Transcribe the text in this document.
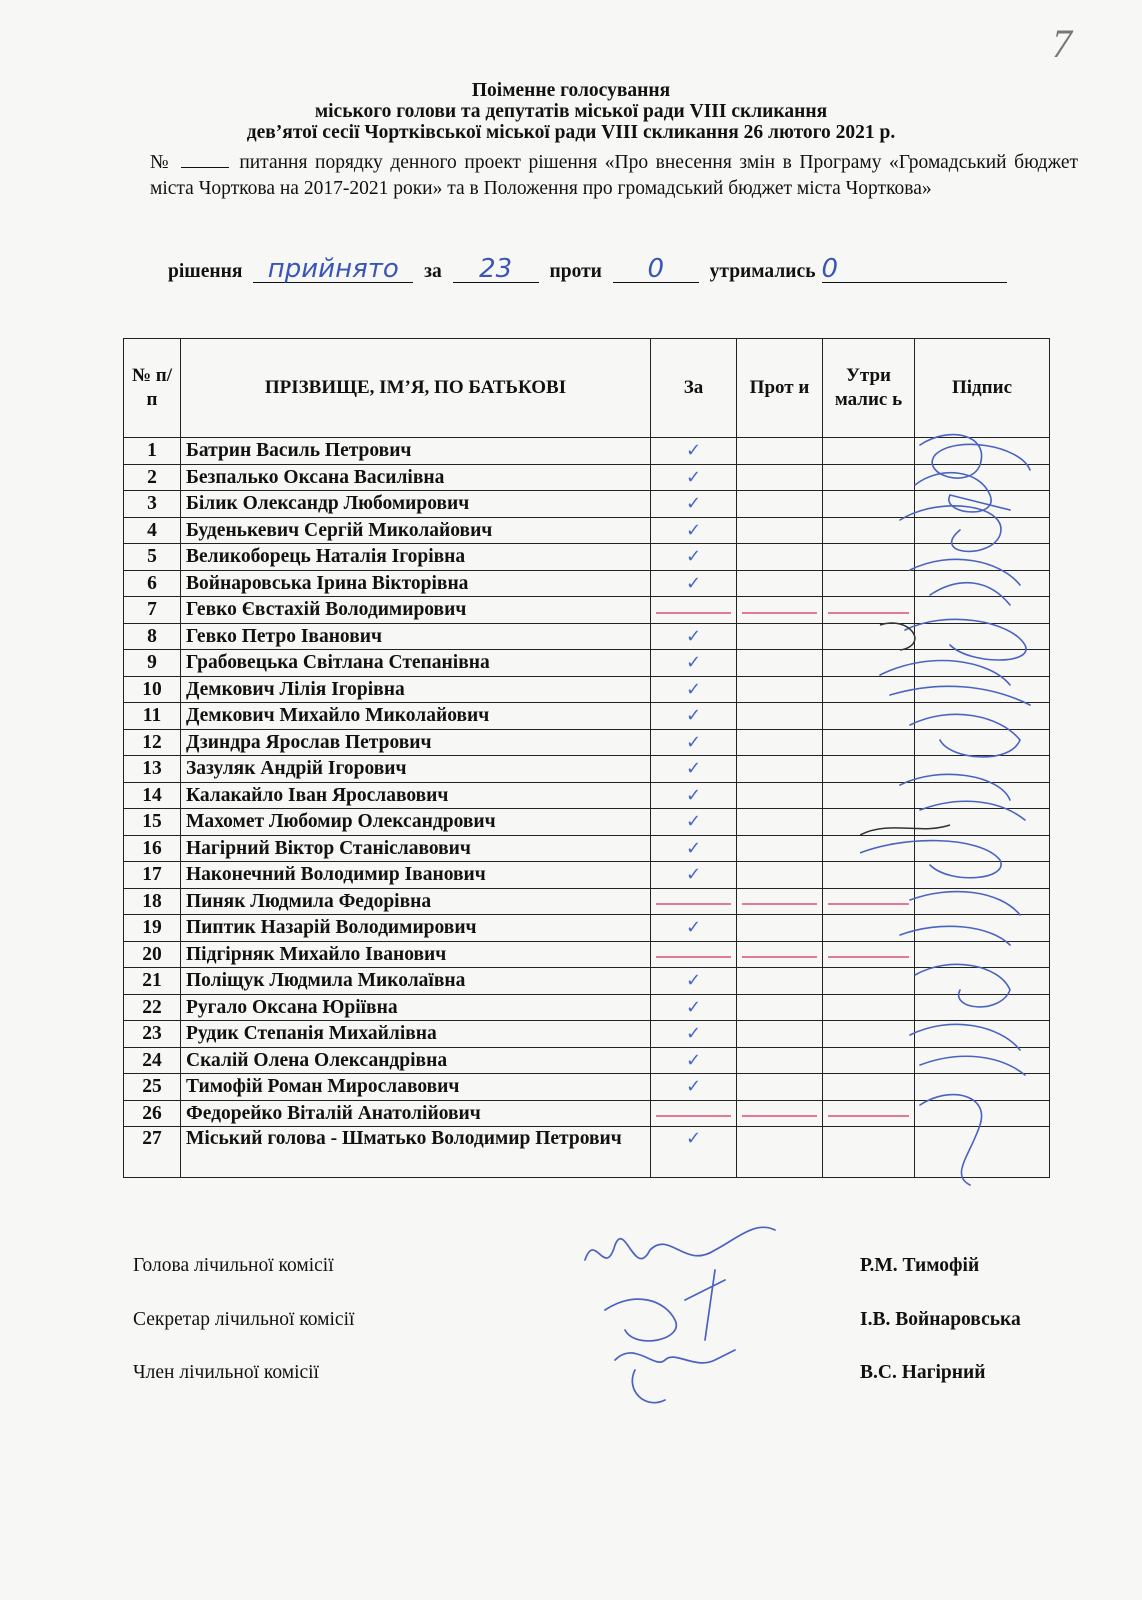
7
Поіменне голосування
міського голови та депутатів міської ради VIII скликання
дев’ятої сесії Чортківської міської ради VIII скликання 26 лютого 2021 р.
№	питання порядку денного проект рішення «Про внесення змін в Програму «Громадський бюджет міста Чорткова на 2017-2021 роки» та в Положення про громадський бюджет міста Чорткова»
рішення прийнято за 23 проти 0 утримались 0
№ п/п	ПРІЗВИЩЕ, ІМ’Я, ПО БАТЬКОВІ	За	Прот и	Утри малис ь	Підпис
1	Батрин Василь Петрович	✓			
2	Безпалько Оксана Василівна	✓			
3	Білик Олександр Любомирович	✓			
4	Буденькевич Сергій Миколайович	✓			
5	Великоборець Наталія Ігорівна	✓			
6	Войнаровська Ірина Вікторівна	✓			
7	Гевко Євстахій Володимирович	

8	Гевко Петро Іванович	✓			
9	Грабовецька Світлана Степанівна	✓			
10	Демкович Лілія Ігорівна	✓			
11	Демкович Михайло Миколайович	✓			
12	Дзиндра Ярослав Петрович	✓			
13	Зазуляк Андрій Ігорович	✓			
14	Калакайло Іван Ярославович	✓			
15	Махомет Любомир Олександрович	✓			
16	Нагірний Віктор Станіславович	✓			
17	Наконечний Володимир Іванович	✓			
18	Пиняк Людмила Федорівна	

19	Пиптик Назарій Володимирович	✓			
20	Підгірняк Михайло Іванович	

21	Поліщук Людмила Миколаївна	✓			
22	Ругало Оксана Юріївна	✓			
23	Рудик Степанія Михайлівна	✓			
24	Скалій Олена Олександрівна	✓			
25	Тимофій Роман Мирославович	✓			
26	Федорейко Віталій Анатолійович	

27	Міський голова - Шматько Володимир Петрович	✓			
Голова лічильної комісії	Р.М. Тимофій
Секретар лічильної комісії	І.В. Войнаровська
Член лічильної комісії	В.С. Нагірний
